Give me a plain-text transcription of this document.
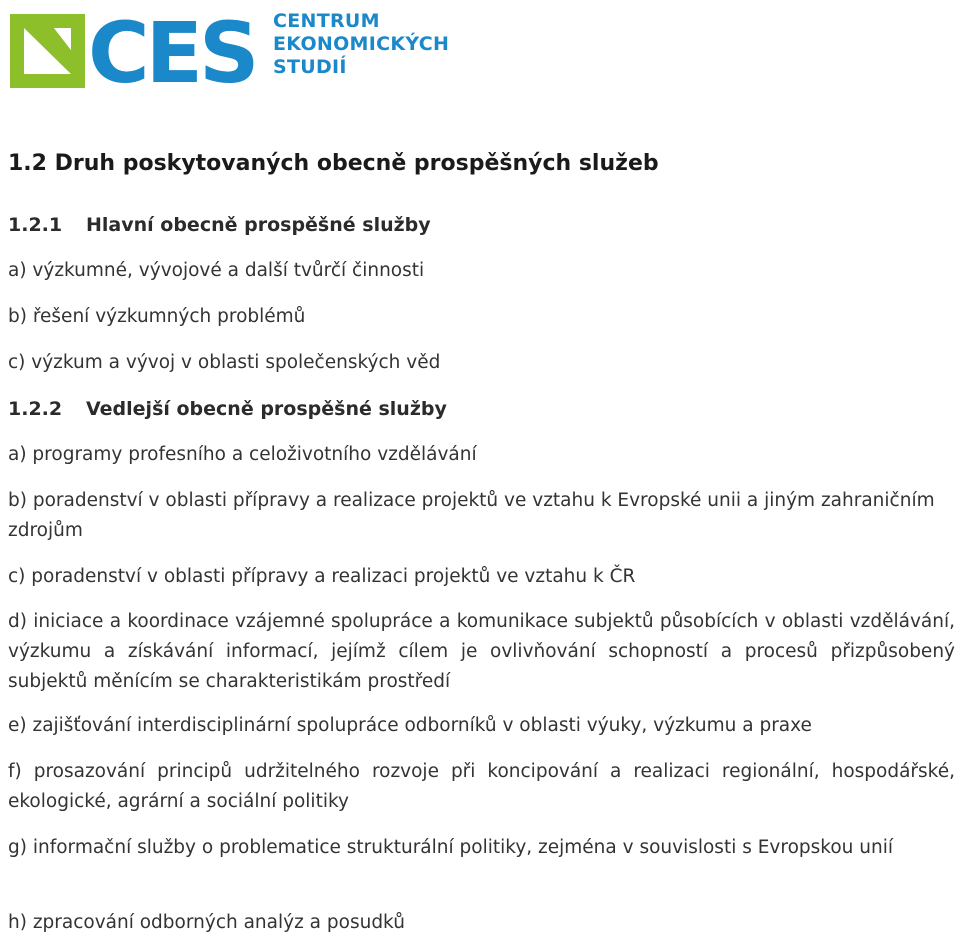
CES CENTRUM
EKONOMICKÝCH
STUDIÍ
1.2 Druh poskytovaných obecně prospěšných služeb
1.2.1 Hlavní obecně prospěšné služby
a) výzkumné, vývojové a další tvůrčí činnosti
b) řešení výzkumných problémů
c) výzkum a vývoj v oblasti společenských věd
1.2.2 Vedlejší obecně prospěšné služby
a) programy profesního a celoživotního vzdělávání
b) poradenství v oblasti přípravy a realizace projektů ve vztahu k Evropské unii a jiným zahraničním zdrojům
c) poradenství v oblasti přípravy a realizaci projektů ve vztahu k ČR
d) iniciace a koordinace vzájemné spolupráce a komunikace subjektů působících v oblasti vzdělávání, výzkumu a získávání informací, jejímž cílem je ovlivňování schopností a procesů přizpůsobený subjektů měnícím se charakteristikám prostředí
e) zajišťování interdisciplinární spolupráce odborníků v oblasti výuky, výzkumu a praxe
f) prosazování principů udržitelného rozvoje při koncipování a realizaci regionální, hospodářské, ekologické, agrární a sociální politiky
g) informační služby o problematice strukturální politiky, zejména v souvislosti s Evropskou unií
h) zpracování odborných analýz a posudků
